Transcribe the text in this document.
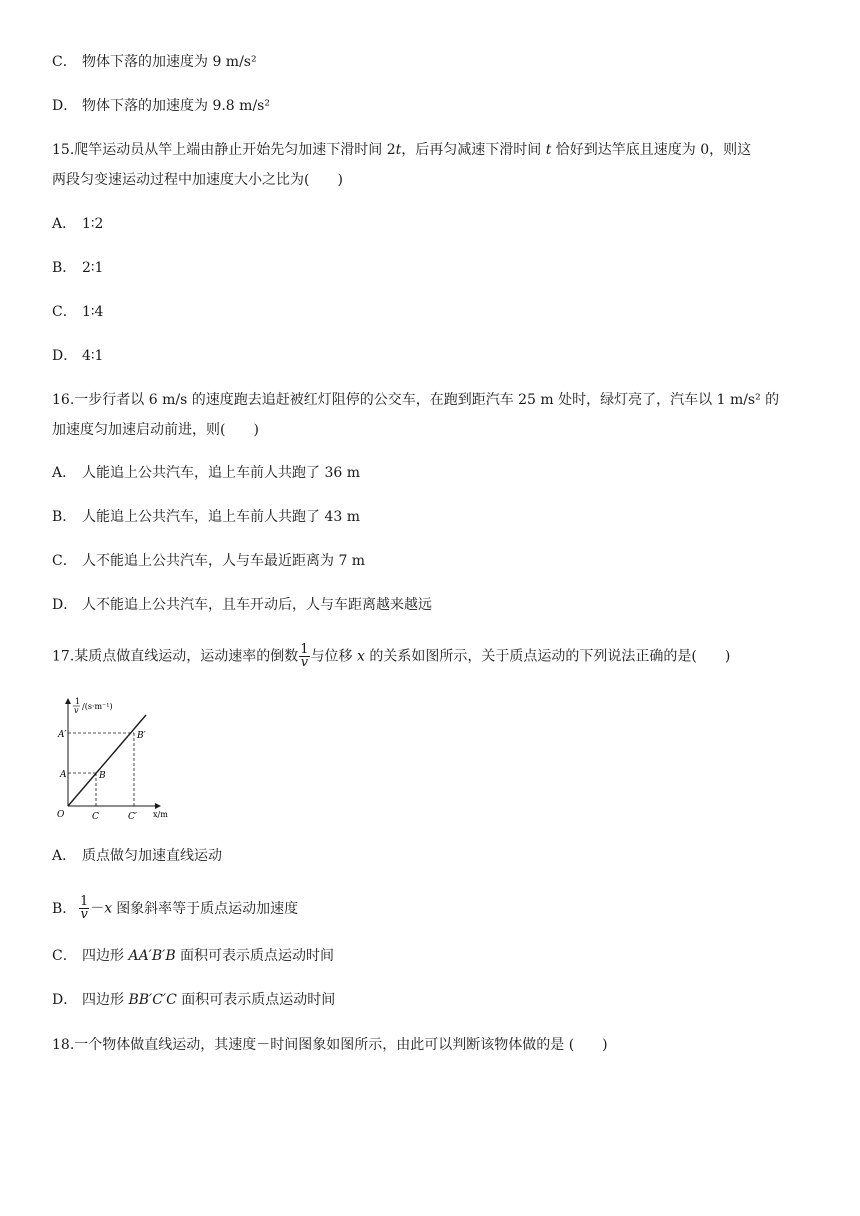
C． 物体下落的加速度为 9 m/s²
D． 物体下落的加速度为 9.8 m/s²
15.爬竿运动员从竿上端由静止开始先匀加速下滑时间 2t，后再匀减速下滑时间 t 恰好到达竿底且速度为 0，则这
两段匀变速运动过程中加速度大小之比为(　　)
A． 1∶2
B． 2∶1
C． 1∶4
D． 4∶1
16.一步行者以 6 m/s 的速度跑去追赶被红灯阻停的公交车，在跑到距汽车 25 m 处时，绿灯亮了，汽车以 1 m/s² 的
加速度匀加速启动前进，则(　　)
A． 人能追上公共汽车，追上车前人共跑了 36 m
B． 人能追上公共汽车，追上车前人共跑了 43 m
C． 人不能追上公共汽车，人与车最近距离为 7 m
D． 人不能追上公共汽车，且车开动后，人与车距离越来越远
17.某质点做直线运动，运动速率的倒数 $\frac{1}{v}$ 与位移 x 的关系如图所示，关于质点运动的下列说法正确的是(　　)
1
v /(s·m⁻¹)
A′
A	B
B′
O	C	C′ x/m
A． 质点做匀加速直线运动
B． $\frac{1}{v} -x$ 图象斜率等于质点运动加速度
C． 四边形 AA′B′B 面积可表示质点运动时间
D． 四边形 BB′C′C 面积可表示质点运动时间
18.一个物体做直线运动，其速度－时间图象如图所示，由此可以判断该物体做的是 (　　)
